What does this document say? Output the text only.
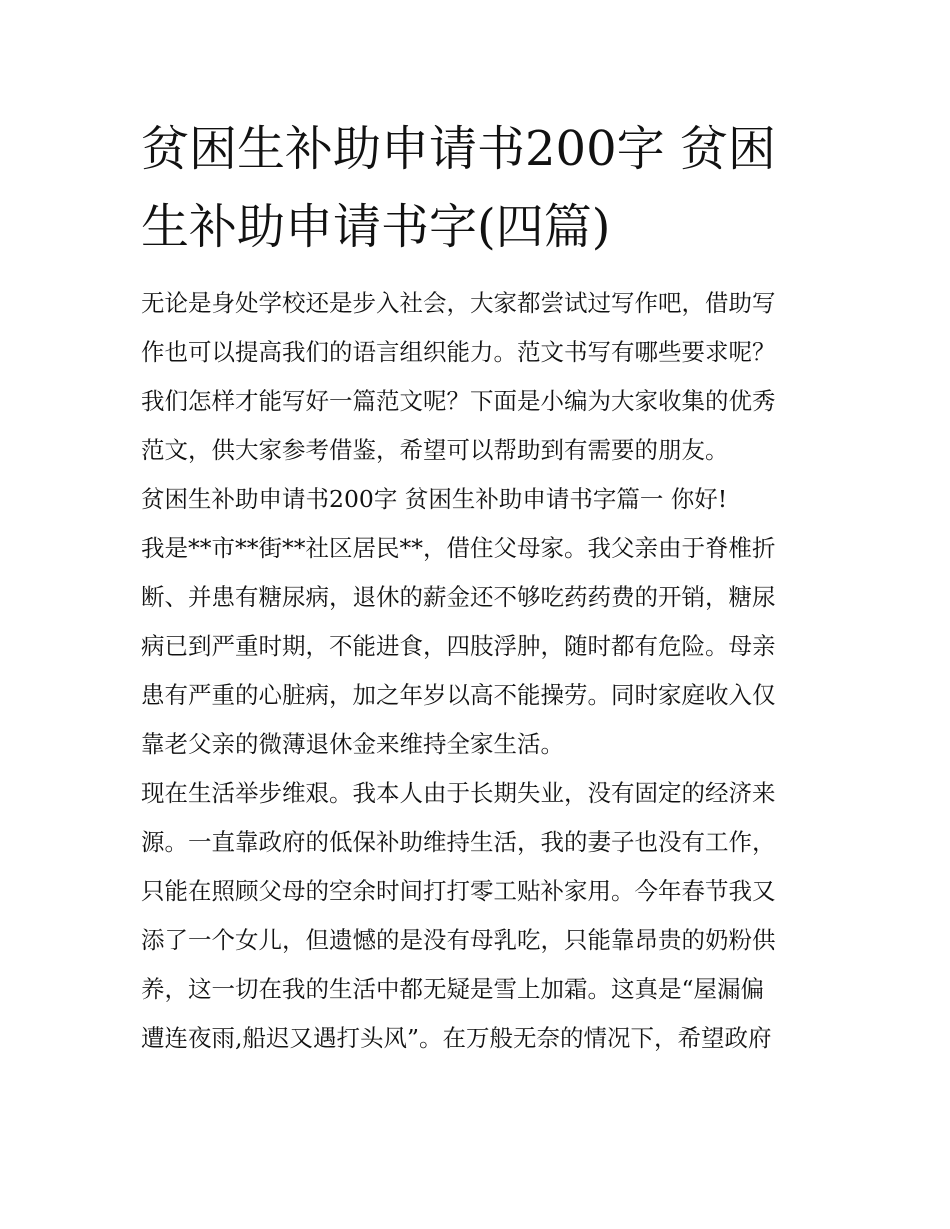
贫困生补助申请书200字 贫困
生补助申请书字(四篇)

无论是身处学校还是步入社会，大家都尝试过写作吧，借助写
作也可以提高我们的语言组织能力。范文书写有哪些要求呢？
我们怎样才能写好一篇范文呢？下面是小编为大家收集的优秀
范文，供大家参考借鉴，希望可以帮助到有需要的朋友。

贫困生补助申请书200字 贫困生补助申请书字篇一 你好!

我是**市**街**社区居民**，借住父母家。我父亲由于脊椎折
断、并患有糖尿病，退休的薪金还不够吃药药费的开销，糖尿
病已到严重时期，不能进食，四肢浮肿，随时都有危险。母亲
患有严重的心脏病，加之年岁以高不能操劳。同时家庭收入仅
靠老父亲的微薄退休金来维持全家生活。

现在生活举步维艰。我本人由于长期失业，没有固定的经济来
源。一直靠政府的低保补助维持生活，我的妻子也没有工作，
只能在照顾父母的空余时间打打零工贴补家用。今年春节我又
添了一个女儿，但遗憾的是没有母乳吃，只能靠昂贵的奶粉供
养，这一切在我的生活中都无疑是雪上加霜。这真是“屋漏偏
遭连夜雨,船迟又遇打头风”。在万般无奈的情况下，希望政府
